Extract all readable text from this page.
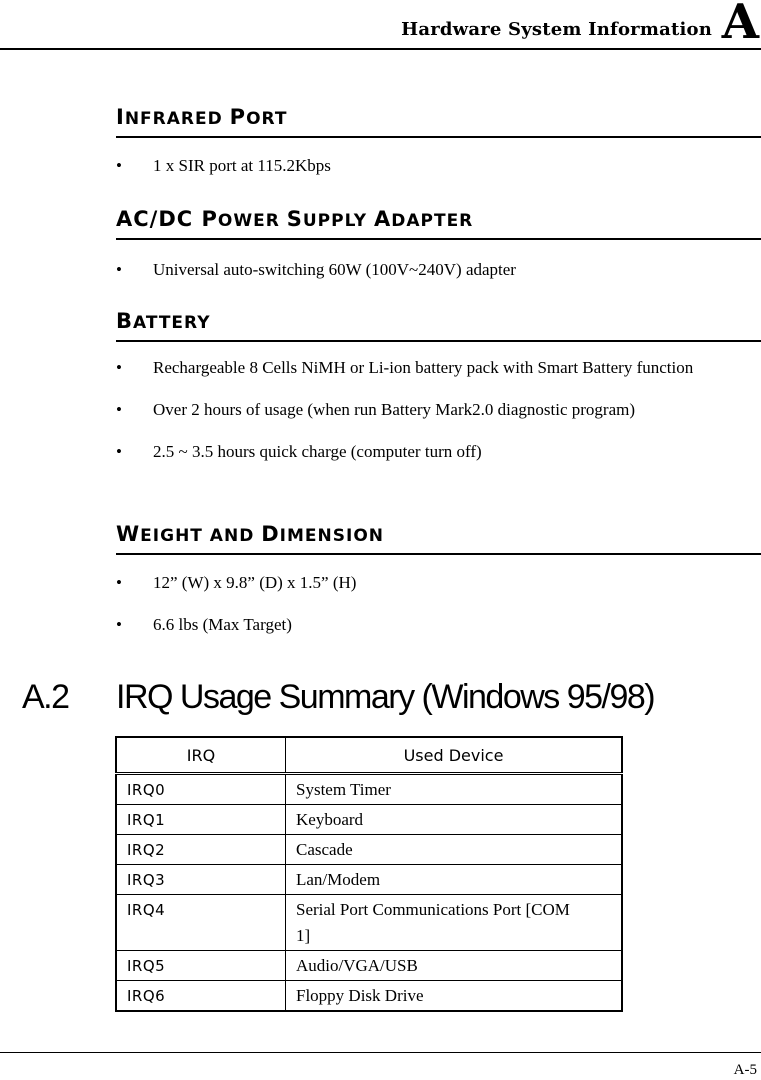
Hardware System Information A
INFRARED PORT
• 1 x SIR port at 115.2Kbps
AC/DC POWER SUPPLY ADAPTER
• Universal auto-switching 60W (100V~240V) adapter
BATTERY
• Rechargeable 8 Cells NiMH or Li-ion battery pack with Smart Battery function
• Over 2 hours of usage (when run Battery Mark2.0 diagnostic program)
• 2.5 ~ 3.5 hours quick charge (computer turn off)
WEIGHT AND DIMENSION
• 12” (W) x 9.8” (D) x 1.5” (H)
• 6.6 lbs (Max Target)
A.2 IRQ Usage Summary (Windows 95/98)
IRQ	Used Device
IRQ0	System Timer
IRQ1	Keyboard
IRQ2	Cascade
IRQ3	Lan/Modem
IRQ4	Serial Port Communications Port [COM 1]
IRQ5	Audio/VGA/USB
IRQ6	Floppy Disk Drive
A-5
